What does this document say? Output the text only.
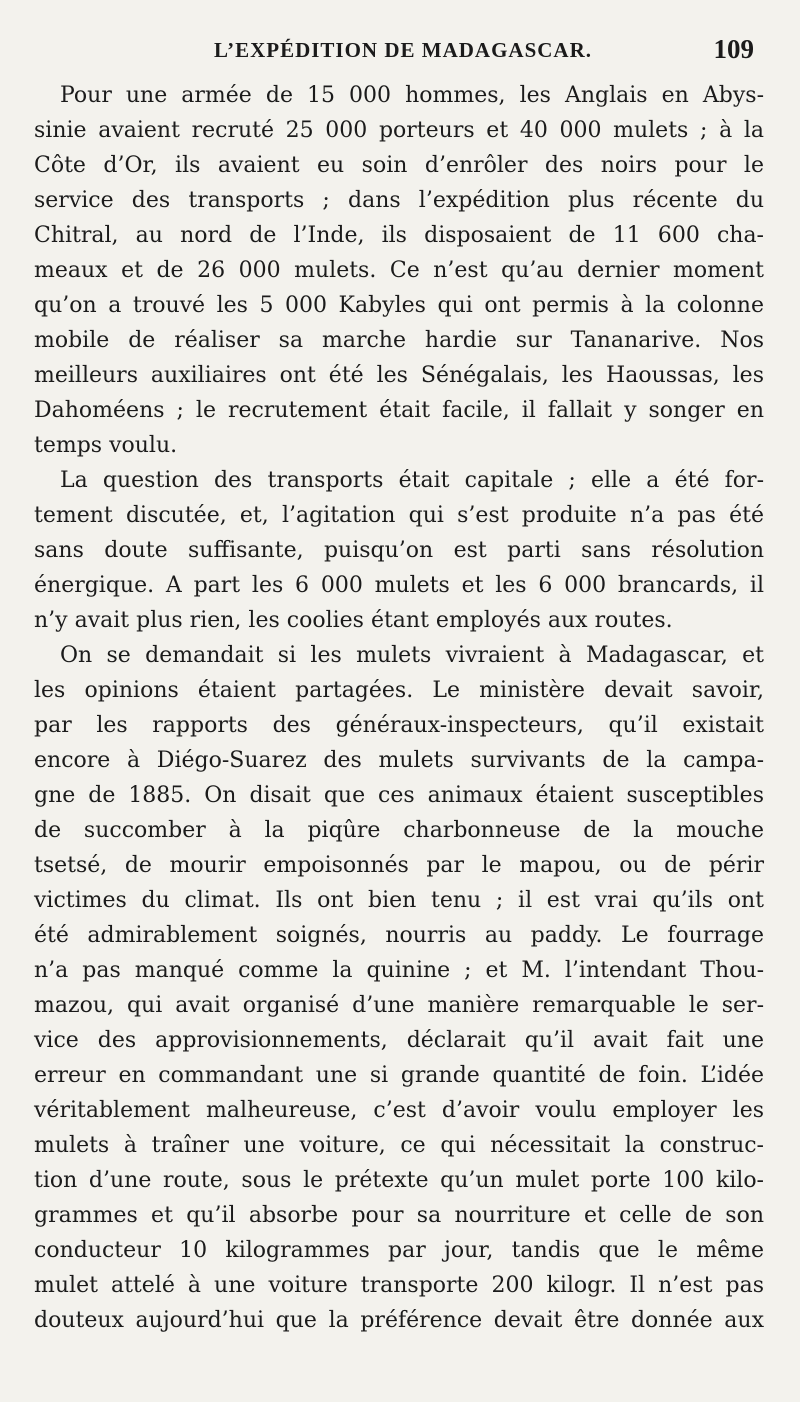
L’EXPÉDITION DE MADAGASCAR.	109
Pour une armée de 15 000 hommes, les Anglais en Abys-
sinie avaient recruté 25 000 porteurs et 40 000 mulets ; à la
Côte d’Or, ils avaient eu soin d’enrôler des noirs pour le
service des transports ; dans l’expédition plus récente du
Chitral, au nord de l’Inde, ils disposaient de 11 600 cha-
meaux et de 26 000 mulets. Ce n’est qu’au dernier moment
qu’on a trouvé les 5 000 Kabyles qui ont permis à la colonne
mobile de réaliser sa marche hardie sur Tananarive. Nos
meilleurs auxiliaires ont été les Sénégalais, les Haoussas, les
Dahoméens ; le recrutement était facile, il fallait y songer en
temps voulu.
La question des transports était capitale ; elle a été for-
tement discutée, et, l’agitation qui s’est produite n’a pas été
sans doute suffisante, puisqu’on est parti sans résolution
énergique. A part les 6 000 mulets et les 6 000 brancards, il
n’y avait plus rien, les coolies étant employés aux routes.
On se demandait si les mulets vivraient à Madagascar, et
les opinions étaient partagées. Le ministère devait savoir,
par les rapports des généraux-inspecteurs, qu’il existait
encore à Diégo-Suarez des mulets survivants de la campa-
gne de 1885. On disait que ces animaux étaient susceptibles
de succomber à la piqûre charbonneuse de la mouche
tsetsé, de mourir empoisonnés par le mapou, ou de périr
victimes du climat. Ils ont bien tenu ; il est vrai qu’ils ont
été admirablement soignés, nourris au paddy. Le fourrage
n’a pas manqué comme la quinine ; et M. l’intendant Thou-
mazou, qui avait organisé d’une manière remarquable le ser-
vice des approvisionnements, déclarait qu’il avait fait une
erreur en commandant une si grande quantité de foin. L’idée
véritablement malheureuse, c’est d’avoir voulu employer les
mulets à traîner une voiture, ce qui nécessitait la construc-
tion d’une route, sous le prétexte qu’un mulet porte 100 kilo-
grammes et qu’il absorbe pour sa nourriture et celle de son
conducteur 10 kilogrammes par jour, tandis que le même
mulet attelé à une voiture transporte 200 kilogr. Il n’est pas
douteux aujourd’hui que la préférence devait être donnée aux
